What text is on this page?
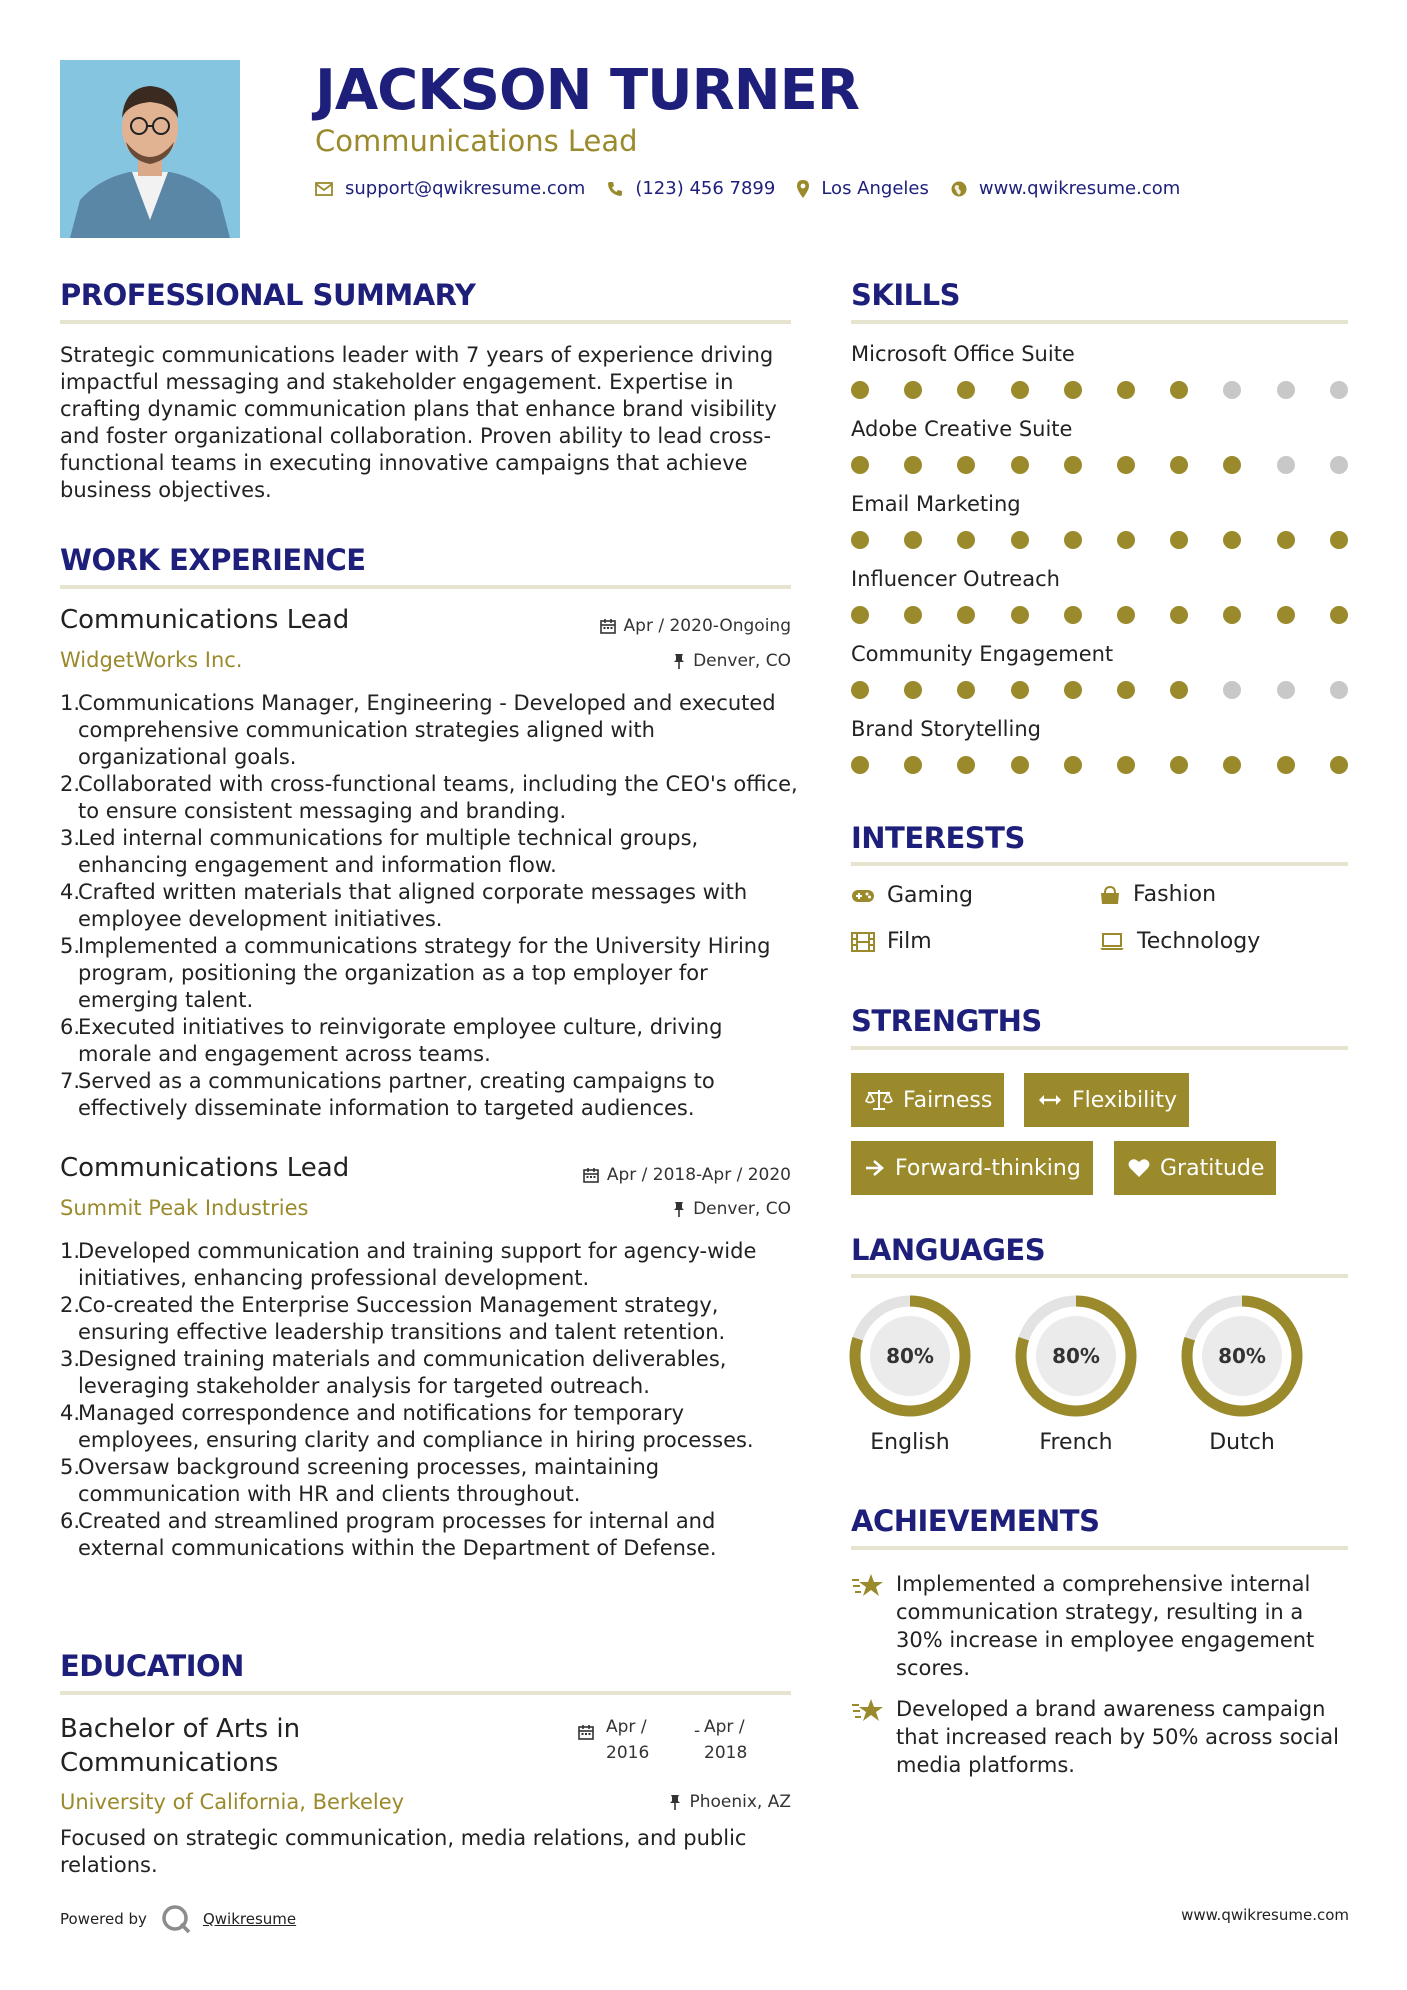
JACKSON TURNER
Communications Lead
support@qwikresume.com	(123) 456 7899	Los Angeles	www.qwikresume.com
PROFESSIONAL SUMMARY
Strategic communications leader with 7 years of experience driving impactful messaging and stakeholder engagement. Expertise in crafting dynamic communication plans that enhance brand visibility and foster organizational collaboration. Proven ability to lead cross-functional teams in executing innovative campaigns that achieve business objectives.
WORK EXPERIENCE
Communications Lead	Apr / 2020-Ongoing
WidgetWorks Inc.	Denver, CO
Communications Manager, Engineering - Developed and executed comprehensive communication strategies aligned with organizational goals.
Collaborated with cross-functional teams, including the CEO's office, to ensure consistent messaging and branding.
Led internal communications for multiple technical groups, enhancing engagement and information flow.
Crafted written materials that aligned corporate messages with employee development initiatives.
Implemented a communications strategy for the University Hiring program, positioning the organization as a top employer for emerging talent.
Executed initiatives to reinvigorate employee culture, driving morale and engagement across teams.
Served as a communications partner, creating campaigns to effectively disseminate information to targeted audiences.
Communications Lead	Apr / 2018-Apr / 2020
Summit Peak Industries	Denver, CO
Developed communication and training support for agency-wide initiatives, enhancing professional development.
Co-created the Enterprise Succession Management strategy, ensuring effective leadership transitions and talent retention.
Designed training materials and communication deliverables, leveraging stakeholder analysis for targeted outreach.
Managed correspondence and notifications for temporary employees, ensuring clarity and compliance in hiring processes.
Oversaw background screening processes, maintaining communication with HR and clients throughout.
Created and streamlined program processes for internal and external communications within the Department of Defense.
EDUCATION
Bachelor of Arts in Communications
Apr /
2016
- Apr /
2018
University of California, Berkeley	Phoenix, AZ
Focused on strategic communication, media relations, and public relations.
SKILLS
Microsoft Office Suite
Adobe Creative Suite
Email Marketing
Influencer Outreach
Community Engagement
Brand Storytelling
INTERESTS
Gaming	Fashion
Film	Technology
STRENGTHS
Fairness	Flexibility
Forward-thinking	Gratitude
LANGUAGES
80%
English
80%
French
80%
Dutch
ACHIEVEMENTS
Implemented a comprehensive internal communication strategy, resulting in a 30% increase in employee engagement scores.
Developed a brand awareness campaign that increased reach by 50% across social media platforms.
Powered by	Qwikresume	www.qwikresume.com
